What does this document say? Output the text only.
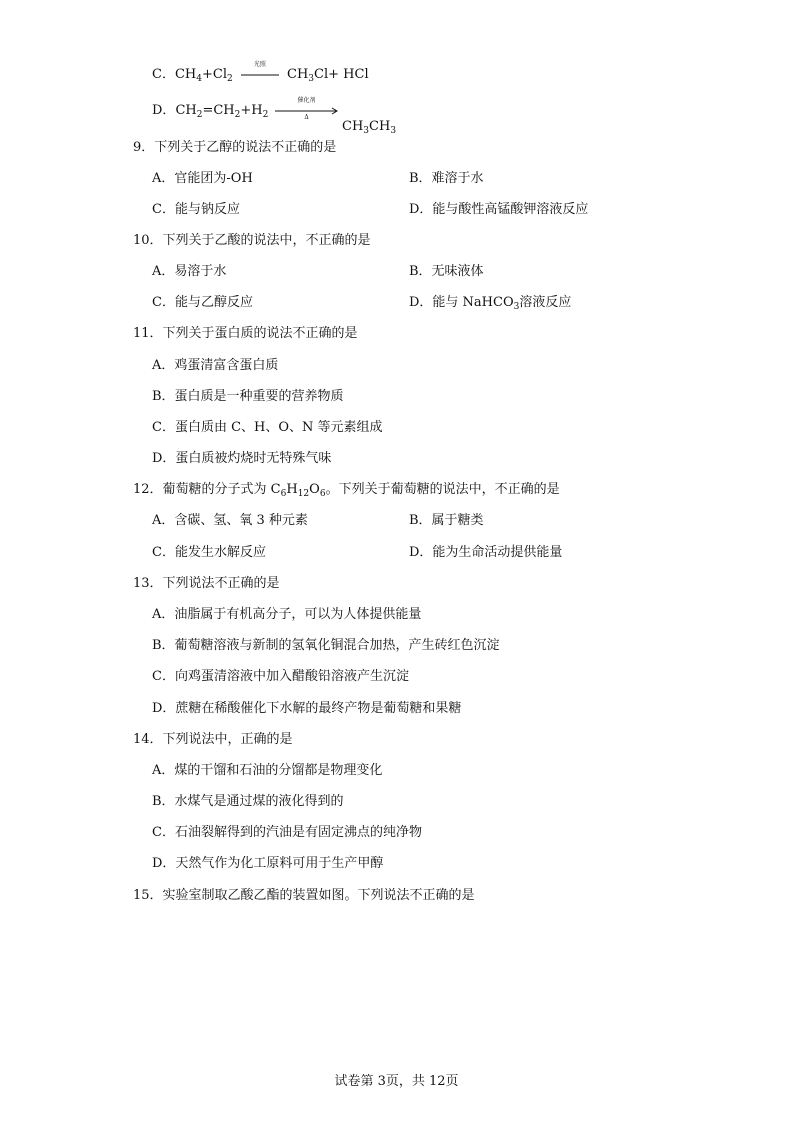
C．$CH_4+Cl_2$
光照
$CH_3Cl+$ HCl
D．$CH_2=CH_2+H_2$
催化剂
Δ
$CH_3CH_3$
9．下列关于乙醇的说法不正确的是
A．官能团为-OH	B．难溶于水
C．能与钠反应	D．能与酸性高锰酸钾溶液反应
10．下列关于乙酸的说法中，不正确的是
A．易溶于水	B．无味液体
C．能与乙醇反应	D．能与 NaHCO$_3$溶液反应
11．下列关于蛋白质的说法不正确的是
A．鸡蛋清富含蛋白质
B．蛋白质是一种重要的营养物质
C．蛋白质由 C、H、O、N 等元素组成
D．蛋白质被灼烧时无特殊气味
12．葡萄糖的分子式为 $C_6H_{12}O_6$。下列关于葡萄糖的说法中，不正确的是
A．含碳、氢、氧 3 种元素	B．属于糖类
C．能发生水解反应	D．能为生命活动提供能量
13．下列说法不正确的是
A．油脂属于有机高分子，可以为人体提供能量
B．葡萄糖溶液与新制的氢氧化铜混合加热，产生砖红色沉淀
C．向鸡蛋清溶液中加入醋酸铅溶液产生沉淀
D．蔗糖在稀酸催化下水解的最终产物是葡萄糖和果糖
14．下列说法中，正确的是
A．煤的干馏和石油的分馏都是物理变化
B．水煤气是通过煤的液化得到的
C．石油裂解得到的汽油是有固定沸点的纯净物
D．天然气作为化工原料可用于生产甲醇
15．实验室制取乙酸乙酯的装置如图。下列说法不正确的是
试卷第 3页，共 12页
